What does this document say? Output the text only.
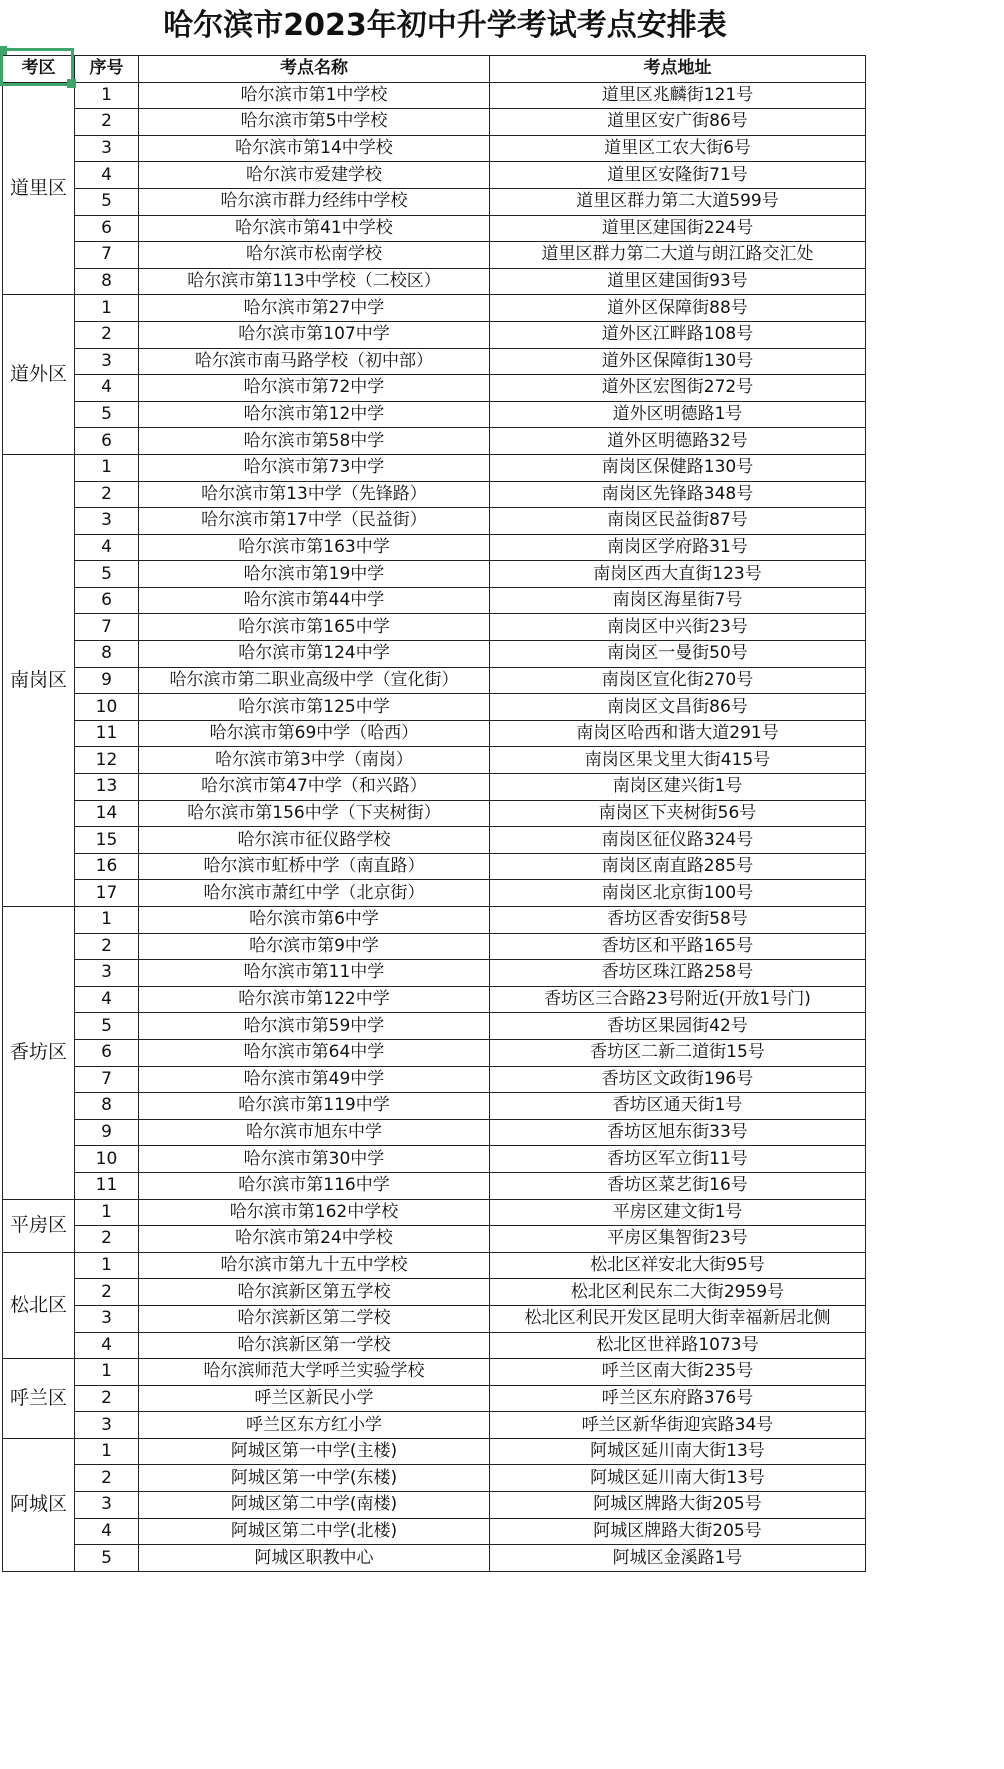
哈尔滨市2023年初中升学考试考点安排表
考区	序号	考点名称	考点地址
道里区	1	哈尔滨市第1中学校	道里区兆麟街121号
	2	哈尔滨市第5中学校	道里区安广街86号
	3	哈尔滨市第14中学校	道里区工农大街6号
	4	哈尔滨市爱建学校	道里区安隆街71号
	5	哈尔滨市群力经纬中学校	道里区群力第二大道599号
	6	哈尔滨市第41中学校	道里区建国街224号
	7	哈尔滨市松南学校	道里区群力第二大道与朗江路交汇处
	8	哈尔滨市第113中学校（二校区）	道里区建国街93号
道外区	1	哈尔滨市第27中学	道外区保障街88号
	2	哈尔滨市第107中学	道外区江畔路108号
	3	哈尔滨市南马路学校（初中部）	道外区保障街130号
	4	哈尔滨市第72中学	道外区宏图街272号
	5	哈尔滨市第12中学	道外区明德路1号
	6	哈尔滨市第58中学	道外区明德路32号
南岗区	1	哈尔滨市第73中学	南岗区保健路130号
	2	哈尔滨市第13中学（先锋路）	南岗区先锋路348号
	3	哈尔滨市第17中学（民益街）	南岗区民益街87号
	4	哈尔滨市第163中学	南岗区学府路31号
	5	哈尔滨市第19中学	南岗区西大直街123号
	6	哈尔滨市第44中学	南岗区海星街7号
	7	哈尔滨市第165中学	南岗区中兴街23号
	8	哈尔滨市第124中学	南岗区一曼街50号
	9	哈尔滨市第二职业高级中学（宣化街）	南岗区宣化街270号
	10	哈尔滨市第125中学	南岗区文昌街86号
	11	哈尔滨市第69中学（哈西）	南岗区哈西和谐大道291号
	12	哈尔滨市第3中学（南岗）	南岗区果戈里大街415号
	13	哈尔滨市第47中学（和兴路）	南岗区建兴街1号
	14	哈尔滨市第156中学（下夹树街）	南岗区下夹树街56号
	15	哈尔滨市征仪路学校	南岗区征仪路324号
	16	哈尔滨市虹桥中学（南直路）	南岗区南直路285号
	17	哈尔滨市萧红中学（北京街）	南岗区北京街100号
香坊区	1	哈尔滨市第6中学	香坊区香安街58号
	2	哈尔滨市第9中学	香坊区和平路165号
	3	哈尔滨市第11中学	香坊区珠江路258号
	4	哈尔滨市第122中学	香坊区三合路23号附近(开放1号门)
	5	哈尔滨市第59中学	香坊区果园街42号
	6	哈尔滨市第64中学	香坊区二新二道街15号
	7	哈尔滨市第49中学	香坊区文政街196号
	8	哈尔滨市第119中学	香坊区通天街1号
	9	哈尔滨市旭东中学	香坊区旭东街33号
	10	哈尔滨市第30中学	香坊区军立街11号
	11	哈尔滨市第116中学	香坊区菜艺街16号
平房区	1	哈尔滨市第162中学校	平房区建文街1号
	2	哈尔滨市第24中学校	平房区集智街23号
松北区	1	哈尔滨市第九十五中学校	松北区祥安北大街95号
	2	哈尔滨新区第五学校	松北区利民东二大街2959号
	3	哈尔滨新区第二学校	松北区利民开发区昆明大街幸福新居北侧
	4	哈尔滨新区第一学校	松北区世祥路1073号
呼兰区	1	哈尔滨师范大学呼兰实验学校	呼兰区南大街235号
	2	呼兰区新民小学	呼兰区东府路376号
	3	呼兰区东方红小学	呼兰区新华街迎宾路34号
阿城区	1	阿城区第一中学(主楼)	阿城区延川南大街13号
	2	阿城区第一中学(东楼)	阿城区延川南大街13号
	3	阿城区第二中学(南楼)	阿城区牌路大街205号
	4	阿城区第二中学(北楼)	阿城区牌路大街205号
	5	阿城区职教中心	阿城区金溪路1号
